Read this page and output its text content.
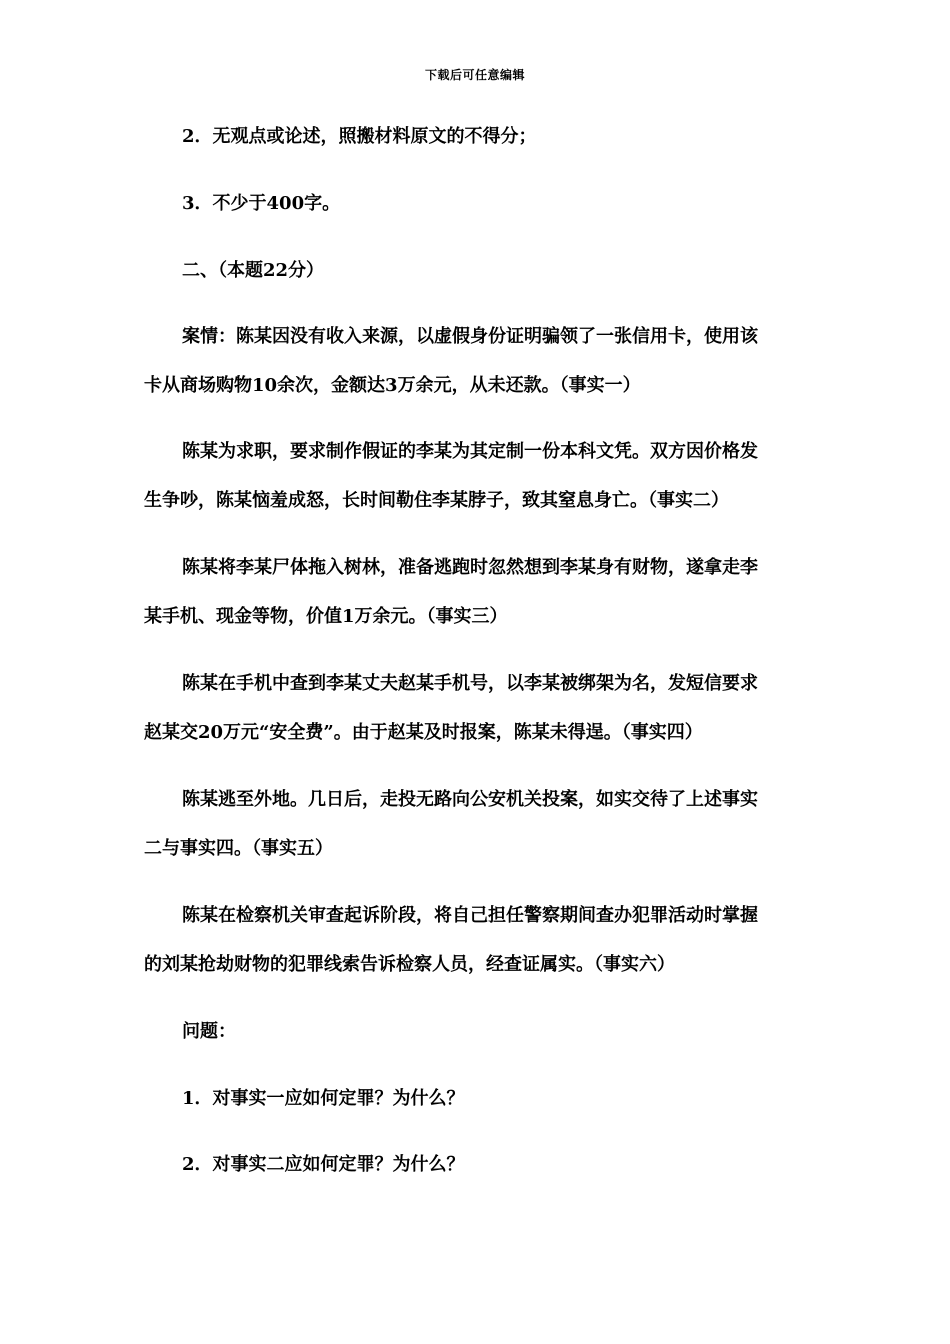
下载后可任意编辑
2．无观点或论述，照搬材料原文的不得分；
3．不少于400字。
二、（本题22分）
案情：陈某因没有收入来源，以虚假身份证明骗领了一张信用卡，使用该
卡从商场购物10余次，金额达3万余元，从未还款。（事实一）
陈某为求职，要求制作假证的李某为其定制一份本科文凭。双方因价格发
生争吵，陈某恼羞成怒，长时间勒住李某脖子，致其窒息身亡。（事实二）
陈某将李某尸体拖入树林，准备逃跑时忽然想到李某身有财物，遂拿走李
某手机、现金等物，价值1万余元。（事实三）
陈某在手机中查到李某丈夫赵某手机号，以李某被绑架为名，发短信要求
赵某交20万元“安全费”。由于赵某及时报案，陈某未得逞。（事实四）
陈某逃至外地。几日后，走投无路向公安机关投案，如实交待了上述事实
二与事实四。（事实五）
陈某在检察机关审查起诉阶段，将自己担任警察期间查办犯罪活动时掌握
的刘某抢劫财物的犯罪线索告诉检察人员，经查证属实。（事实六）
问题：
1．对事实一应如何定罪？为什么？
2．对事实二应如何定罪？为什么？
